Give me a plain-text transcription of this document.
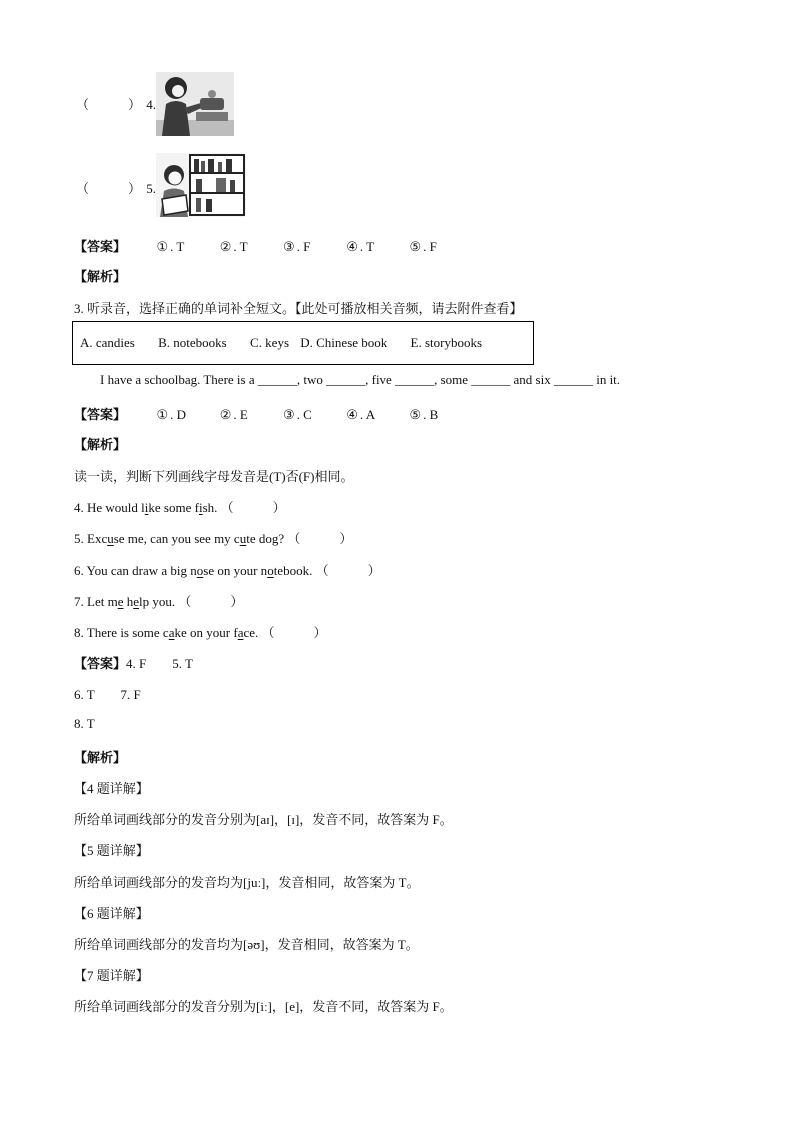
（　　　） 4.
（　　　） 5.
【答案】 ① . T	② . T	③ . F	④ . T	⑤ . F
【解析】
3. 听录音，选择正确的单词补全短文。【此处可播放相关音频，请去附件查看】
A. candies B. notebooks C. keys D. Chinese book E. storybooks
I have a schoolbag. There is a ______, two ______, five ______, some ______ and six ______ in it.
【答案】 ① . D	② . E	③ . C	④ . A	⑤ . B
【解析】
读一读，判断下列画线字母发音是(T)否(F)相同。
4. He would like some fish. （　　　）
5. Excuse me, can you see my cute dog? （　　　）
6. You can draw a big nose on your notebook. （　　　）
7. Let me help you. （　　　）
8. There is some cake on your face. （　　　）
【答案】4. F　　5. T
6. T　　7. F
8. T
【解析】
【4 题详解】
所给单词画线部分的发音分别为[aɪ]，[ɪ]，发音不同，故答案为 F。
【5 题详解】
所给单词画线部分的发音均为[juː]，发音相同，故答案为 T。
【6 题详解】
所给单词画线部分的发音均为[əʊ]，发音相同，故答案为 T。
【7 题详解】
所给单词画线部分的发音分别为[iː]，[e]，发音不同，故答案为 F。
